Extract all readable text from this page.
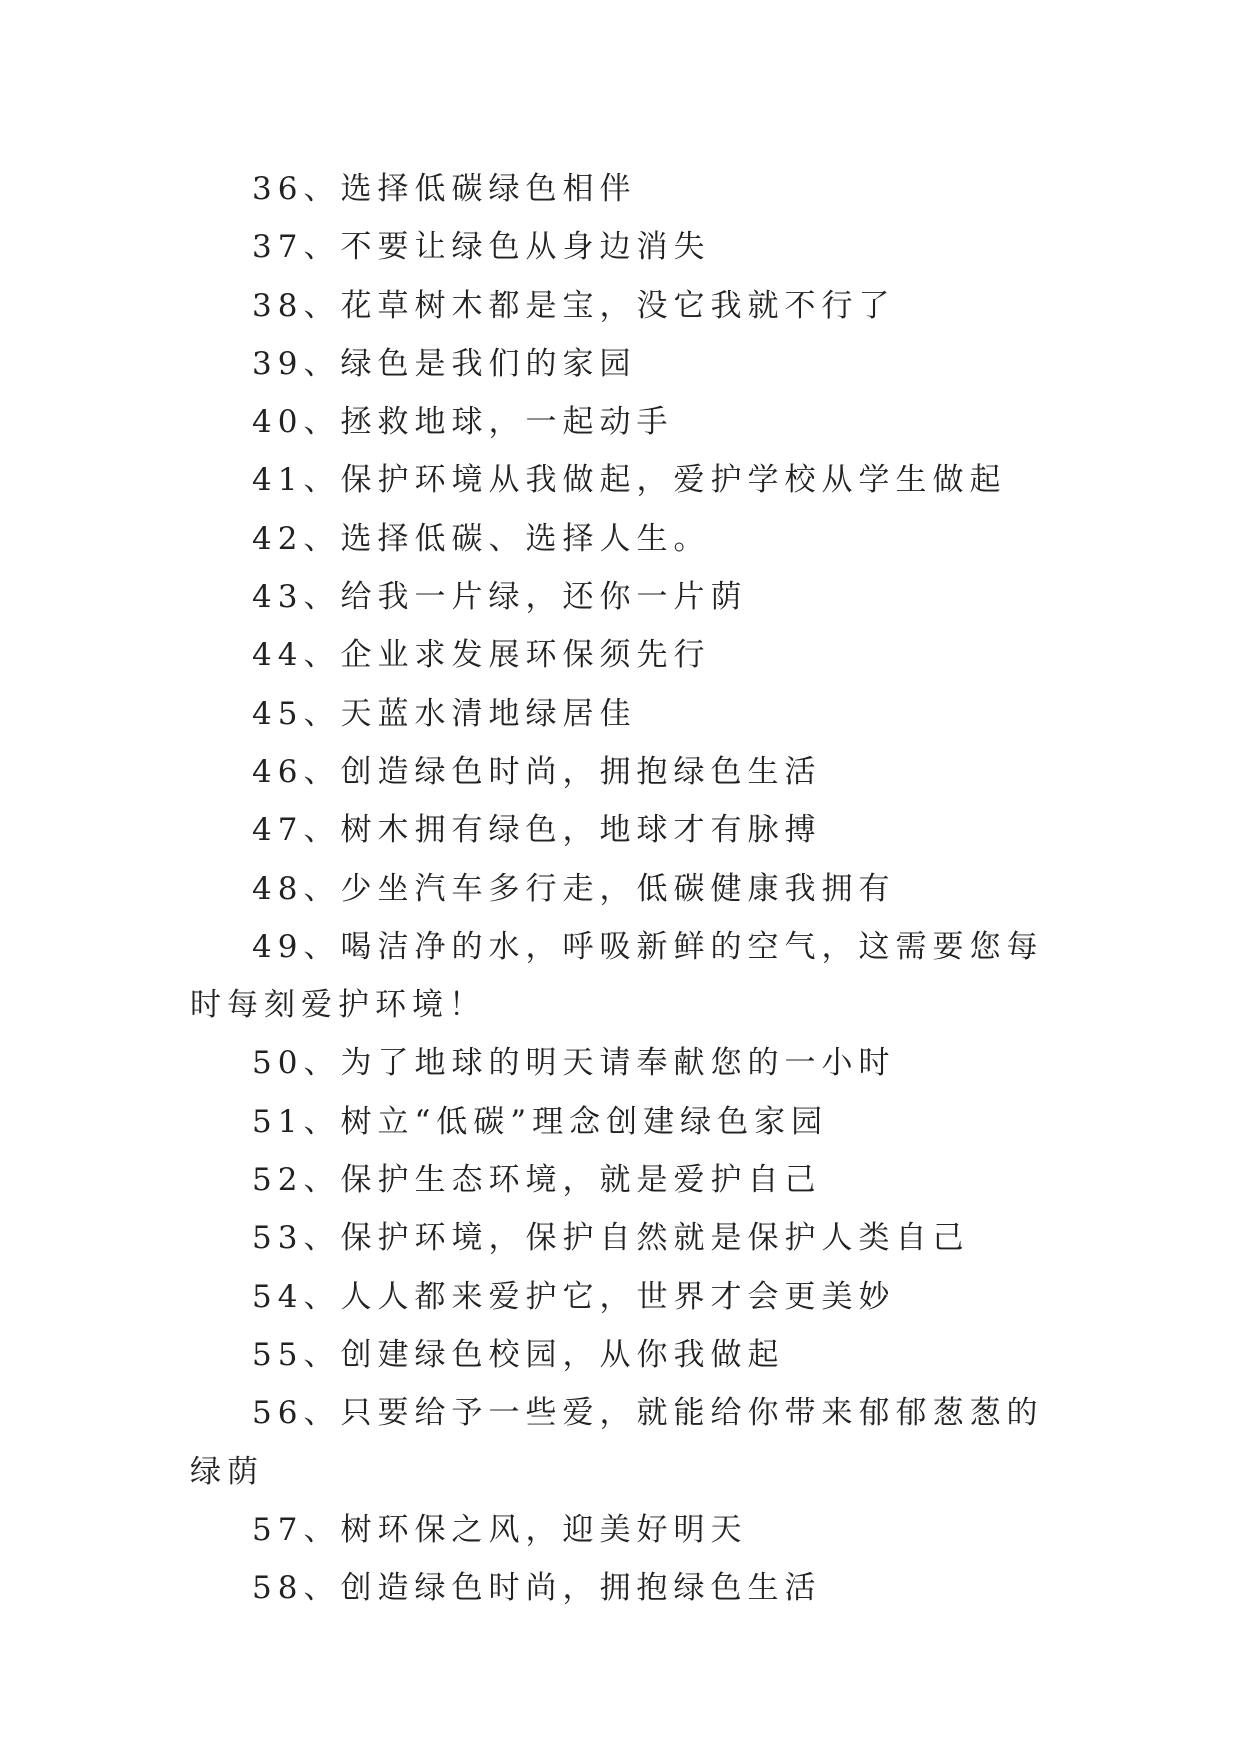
36、选择低碳绿色相伴

37、不要让绿色从身边消失

38、花草树木都是宝，没它我就不行了

39、绿色是我们的家园

40、拯救地球，一起动手

41、保护环境从我做起，爱护学校从学生做起

42、选择低碳、选择人生。

43、给我一片绿，还你一片荫

44、企业求发展环保须先行

45、天蓝水清地绿居佳

46、创造绿色时尚，拥抱绿色生活

47、树木拥有绿色，地球才有脉搏

48、少坐汽车多行走，低碳健康我拥有

49、喝洁净的水，呼吸新鲜的空气，这需要您每时每刻爱护环境！

50、为了地球的明天请奉献您的一小时

51、树立“低碳”理念创建绿色家园

52、保护生态环境，就是爱护自己

53、保护环境，保护自然就是保护人类自己

54、人人都来爱护它，世界才会更美妙

55、创建绿色校园，从你我做起

56、只要给予一些爱，就能给你带来郁郁葱葱的绿荫

57、树环保之风，迎美好明天

58、创造绿色时尚，拥抱绿色生活
